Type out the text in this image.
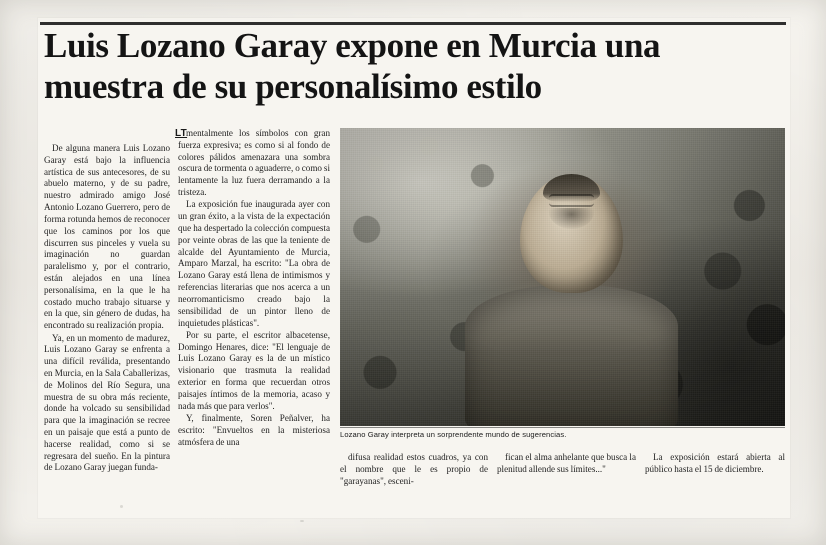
Luis Lozano Garay expone en Murcia una
muestra de su personalísimo estilo
LT

De alguna manera Luis Lozano Garay está bajo la influencia artística de sus antecesores, de su abuelo materno, y de su padre, nuestro admirado amigo José Antonio Lozano Guerrero, pero de forma rotunda hemos de reconocer que los caminos por los que discurren sus pinceles y vuela su imaginación no guardan paralelismo y, por el contrario, están alejados en una línea personalísima, en la que le ha costado mucho trabajo situarse y en la que, sin género de dudas, ha encontrado su realización propia.

Ya, en un momento de madurez, Luis Lozano Garay se enfrenta a una difícil reválida, presentando en Murcia, en la Sala Caballerizas, de Molinos del Río Segura, una muestra de su obra más reciente, donde ha volcado su sensibilidad para que la imaginación se recree en un paisaje que está a punto de hacerse realidad, como si se regresara del sueño. En la pintura de Lozano Garay juegan funda-

mentalmente los símbolos con gran fuerza expresiva; es como si al fondo de colores pálidos amenazara una sombra oscura de tormenta o aguaderre, o como si lentamente la luz fuera derramando a la tristeza.

La exposición fue inaugurada ayer con un gran éxito, a la vista de la expectación que ha despertado la colección compuesta por veinte obras de las que la teniente de alcalde del Ayuntamiento de Murcia, Amparo Marzal, ha escrito: "La obra de Lozano Garay está llena de intimismos y referencias literarias que nos acerca a un neorromanticismo creado bajo la sensibilidad de un pintor lleno de inquietudes plásticas".

Por su parte, el escritor albacetense, Domingo Henares, dice: "El lenguaje de Luis Lozano Garay es la de un místico visionario que trasmuta la realidad exterior en forma que recuerdan otros paisajes íntimos de la memoria, acaso y nada más que para verlos".

Y, finalmente, Soren Peñalver, ha escrito: "Envueltos en la misteriosa atmósfera de una

Lozano Garay interpreta un sorprendente mundo de sugerencias.

difusa realidad estos cuadros, ya con el nombre que le es propio de "garayanas", esceni-

fican el alma anhelante que busca la plenitud allende sus límites..."

La exposición estará abierta al público hasta el 15 de diciembre.
